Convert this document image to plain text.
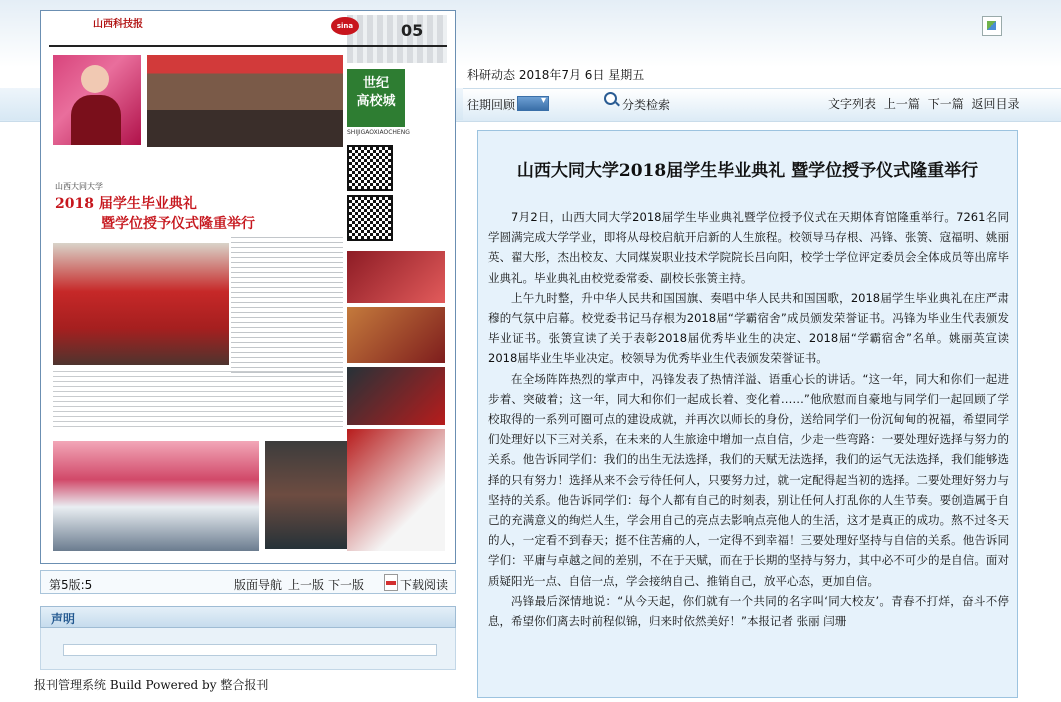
山西科技报	sina	05
世纪
高校城
SHIJIGAOXIAOCHENG
山西大同大学
2018 届学生毕业典礼
暨学位授予仪式隆重举行
第5版:5	版面导航 上一版 下一版	下载阅读
声明
报刊管理系统 Build Powered by 整合报刊
科研动态 2018年7月 6日 星期五
往期回顾
▾	分类检索	文字列表 上一篇 下一篇 返回目录
山西大同大学2018届学生毕业典礼 暨学位授予仪式隆重举行

7月2日，山西大同大学2018届学生毕业典礼暨学位授予仪式在天期体育馆隆重举行。7261名同学圆满完成大学学业，即将从母校启航开启新的人生旅程。校领导马存根、冯锋、张箦、寇福明、姚丽英、翟大彤，杰出校友、大同煤炭职业技术学院院长吕向阳，校学士学位评定委员会全体成员等出席毕业典礼。毕业典礼由校党委常委、副校长张箦主持。

上午九时整，升中华人民共和国国旗、奏唱中华人民共和国国歌，2018届学生毕业典礼在庄严肃穆的气氛中启幕。校党委书记马存根为2018届“学霸宿舍”成员颁发荣誉证书。冯锋为毕业生代表颁发毕业证书。张箦宣读了关于表彰2018届优秀毕业生的决定、2018届“学霸宿舍”名单。姚丽英宣读2018届毕业生毕业决定。校领导为优秀毕业生代表颁发荣誉证书。

在全场阵阵热烈的掌声中，冯锋发表了热情洋溢、语重心长的讲话。“这一年，同大和你们一起进步着、突破着；这一年，同大和你们一起成长着、变化着……”他欣慰而自豪地与同学们一起回顾了学校取得的一系列可圈可点的建设成就，并再次以师长的身份，送给同学们一份沉甸甸的祝福，希望同学们处理好以下三对关系，在未来的人生旅途中增加一点自信，少走一些弯路：一要处理好选择与努力的关系。他告诉同学们：我们的出生无法选择，我们的天赋无法选择，我们的运气无法选择，我们能够选择的只有努力！选择从来不会亏待任何人，只要努力过，就一定配得起当初的选择。二要处理好努力与坚持的关系。他告诉同学们：每个人都有自己的时刻表，别让任何人打乱你的人生节奏。要创造属于自己的充满意义的绚烂人生，学会用自己的亮点去影响点亮他人的生活，这才是真正的成功。熬不过冬天的人，一定看不到春天；挺不住苦痛的人，一定得不到幸福！三要处理好坚持与自信的关系。他告诉同学们：平庸与卓越之间的差别，不在于天赋，而在于长期的坚持与努力，其中必不可少的是自信。面对质疑阳光一点、自信一点，学会接纳自己、推销自己，放平心态，更加自信。

冯锋最后深情地说：“从今天起，你们就有一个共同的名字叫‘同大校友’。青春不打烊，奋斗不停息，希望你们离去时前程似锦，归来时依然美好！”本报记者 张丽 闫珊
